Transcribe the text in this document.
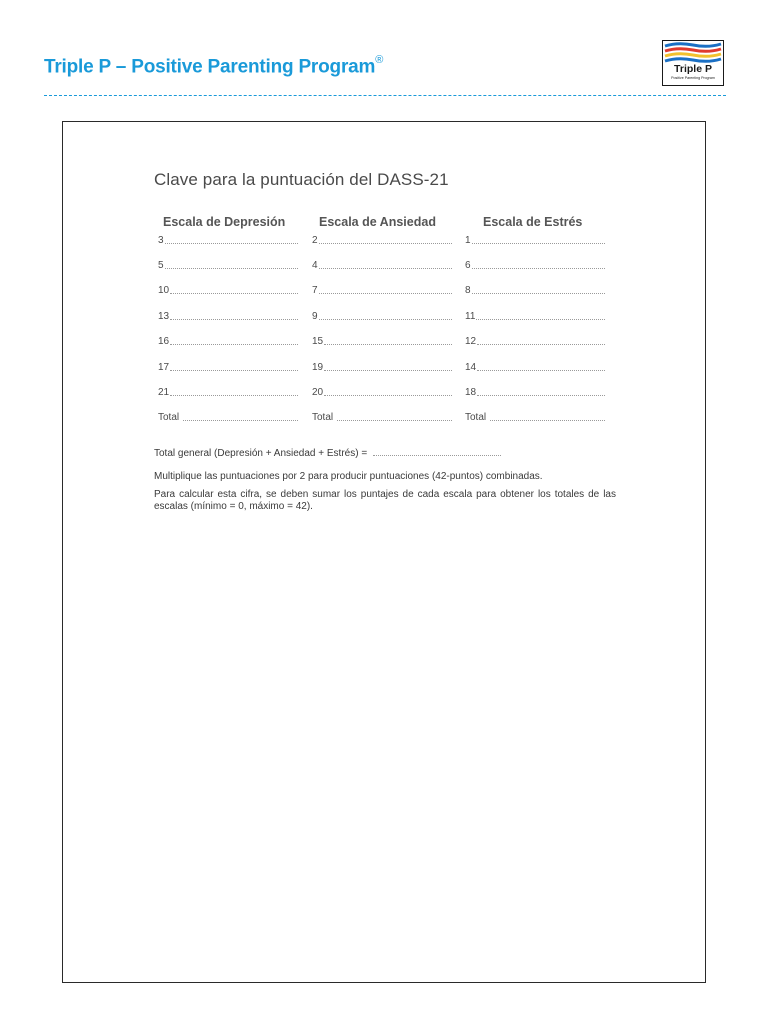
Triple P – Positive Parenting Program®
Triple P
Positive Parenting Program
Clave para la puntuación del DASS-21
Escala de Depresión
3
5
10
13
16
17
21
Total
Escala de Ansiedad
2
4
7
9
15
19
20
Total
Escala de Estrés
1
6
8
11
12
14
18
Total
Total general (Depresión + Ansiedad + Estrés) =
Multiplique las puntuaciones por 2 para producir puntuaciones (42-puntos) combinadas.
Para calcular esta cifra, se deben sumar los puntajes de cada escala para obtener los totales de las escalas (mínimo = 0, máximo = 42).
